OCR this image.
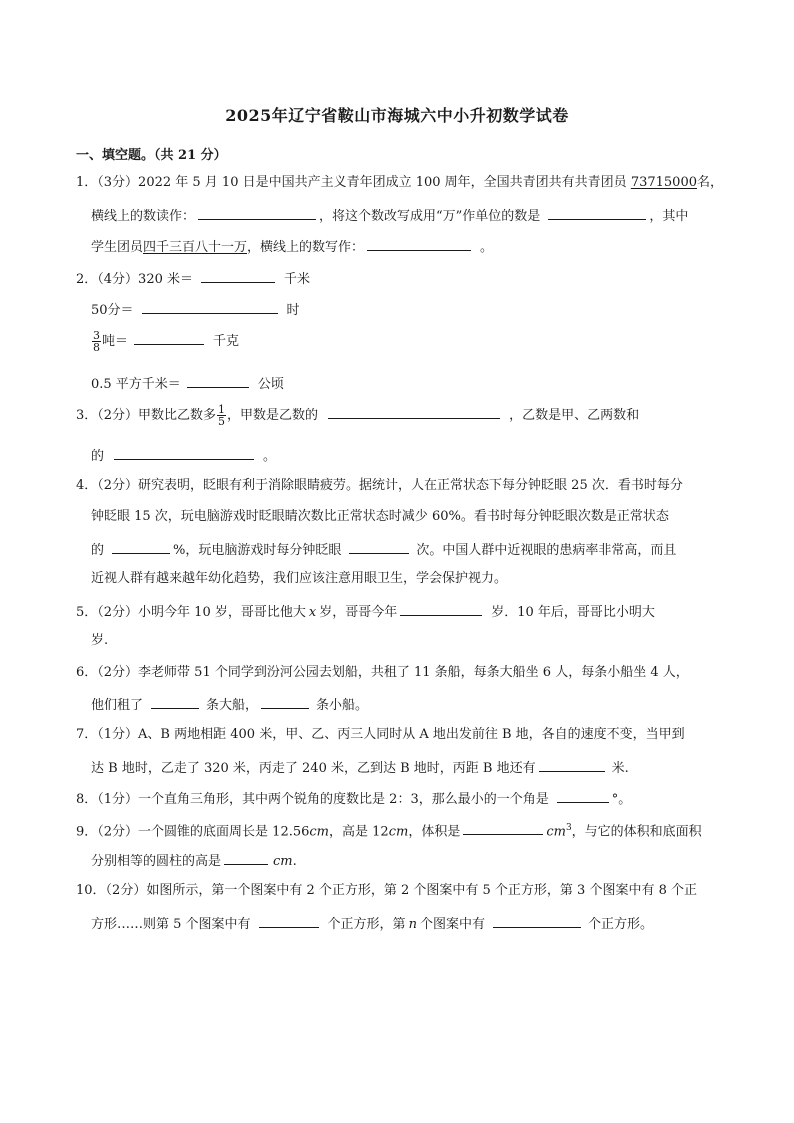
2025年辽宁省鞍山市海城六中小升初数学试卷
一、填空题。（共 21 分）
1．（3分）2022 年 5 月 10 日是中国共产主义青年团成立 100 周年，全国共青团共有共青团员 73715000名，
横线上的数读作：	，将这个数改写成用“万”作单位的数是	，其中
学生团员四千三百八十一万，横线上的数写作：	。
2．（4分）320 米＝	千米
50分＝	时
$\frac{3}{8}$ 吨＝	千克
0.5 平方千米＝	公顷
3．（2分）甲数比乙数多 $\frac{1}{5}$ ，甲数是乙数的	，乙数是甲、乙两数和
的	。
4．（2分）研究表明，眨眼有利于消除眼睛疲劳。据统计，人在正常状态下每分钟眨眼 25 次．看书时每分
钟眨眼 15 次，玩电脑游戏时眨眼睛次数比正常状态时减少 60%。看书时每分钟眨眼次数是正常状态
的	%，玩电脑游戏时每分钟眨眼	次。中国人群中近视眼的患病率非常高，而且
近视人群有越来越年幼化趋势，我们应该注意用眼卫生，学会保护视力。
5．（2分）小明今年 10 岁，哥哥比他大 x 岁，哥哥今年	岁．10 年后，哥哥比小明大
岁.
6．（2分）李老师带 51 个同学到汾河公园去划船，共租了 11 条船，每条大船坐 6 人，每条小船坐 4 人，
他们租了	条大船，	条小船。
7．（1分）A、B 两地相距 400 米，甲、乙、丙三人同时从 A 地出发前往 B 地，各自的速度不变，当甲到
达 B 地时，乙走了 320 米，丙走了 240 米，乙到达 B 地时，丙距 B 地还有	米.
8．（1分）一个直角三角形，其中两个锐角的度数比是 2：3，那么最小的一个角是	°。
9．（2分）一个圆锥的底面周长是 12.56cm，高是 12cm，体积是	$cm^3$，与它的体积和底面积
分别相等的圆柱的高是	cm.
10．（2分）如图所示，第一个图案中有 2 个正方形，第 2 个图案中有 5 个正方形，第 3 个图案中有 8 个正
方形……则第 5 个图案中有	个正方形，第 n 个图案中有	个正方形。
